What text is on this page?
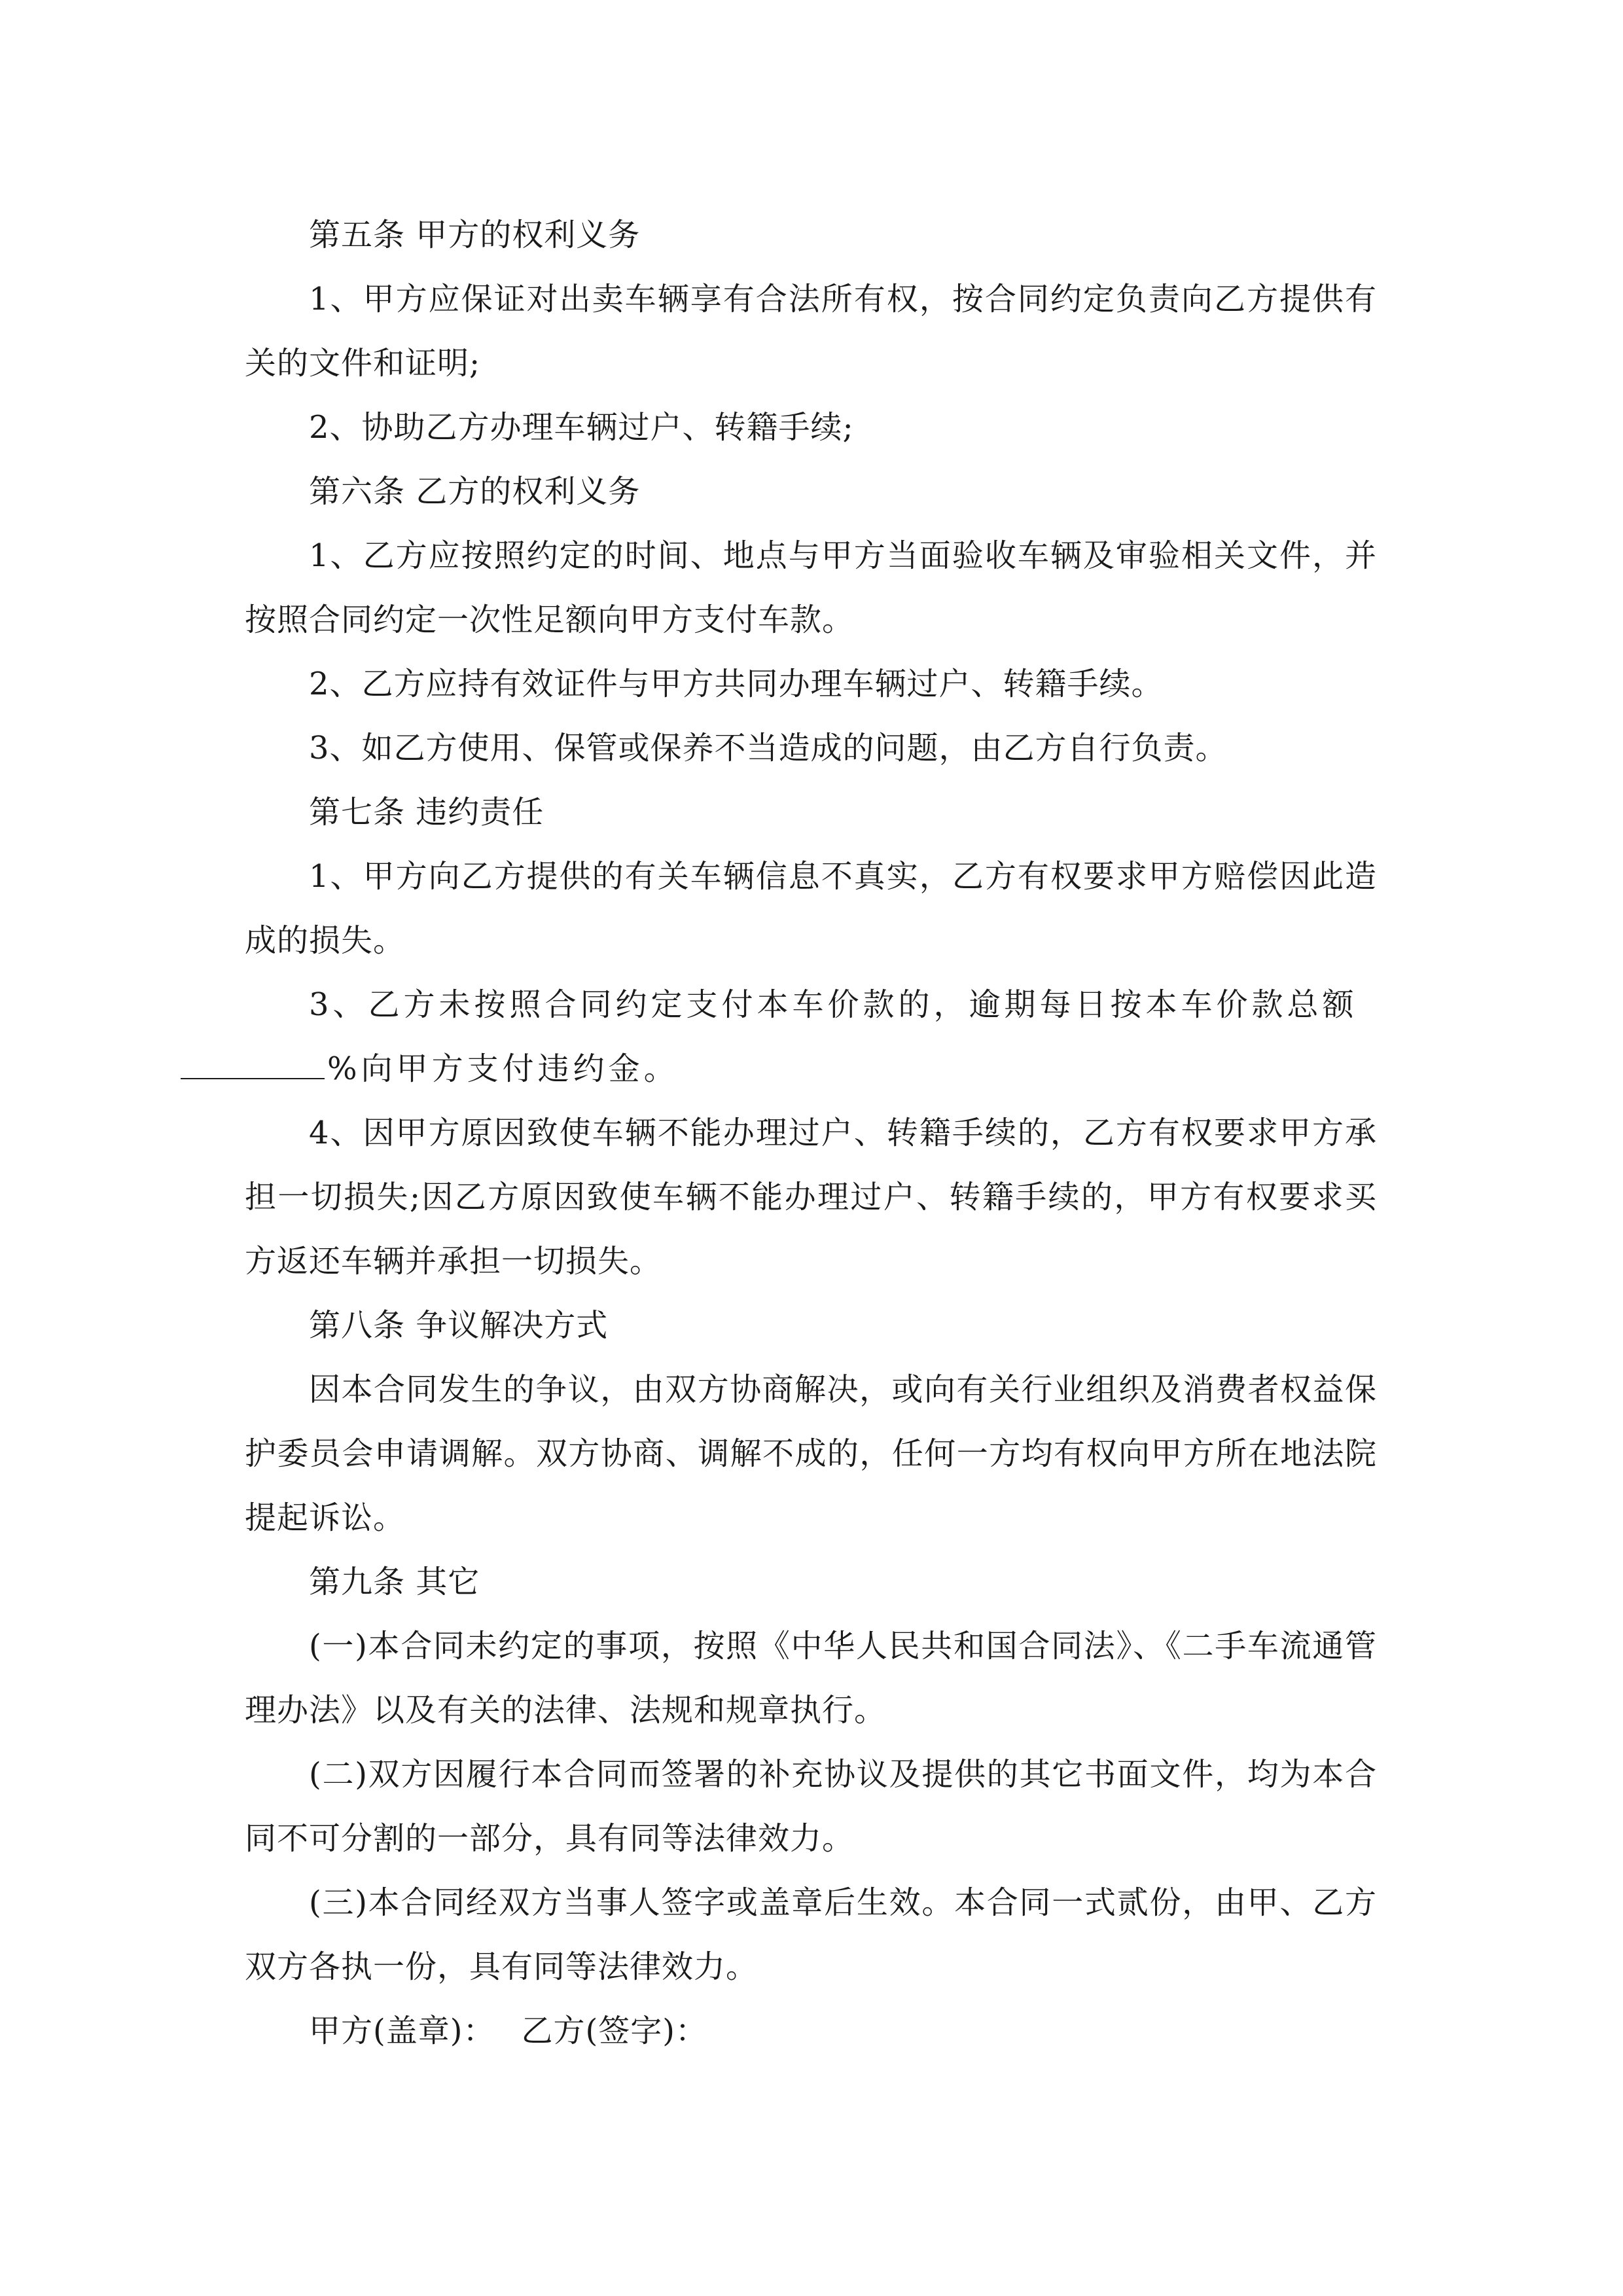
第五条 甲方的权利义务

1、甲方应保证对出卖车辆享有合法所有权，按合同约定负责向乙方提供有关的文件和证明;

2、协助乙方办理车辆过户、转籍手续;

第六条 乙方的权利义务

1、乙方应按照约定的时间、地点与甲方当面验收车辆及审验相关文件，并按照合同约定一次性足额向甲方支付车款。

2、乙方应持有效证件与甲方共同办理车辆过户、转籍手续。

3、如乙方使用、保管或保养不当造成的问题，由乙方自行负责。

第七条 违约责任

1、甲方向乙方提供的有关车辆信息不真实，乙方有权要求甲方赔偿因此造成的损失。

3、乙方未按照合同约定支付本车价款的，逾期每日按本车价款总额
%向甲方支付违约金。

4、因甲方原因致使车辆不能办理过户、转籍手续的，乙方有权要求甲方承担一切损失;因乙方原因致使车辆不能办理过户、转籍手续的，甲方有权要求买方返还车辆并承担一切损失。

第八条 争议解决方式

因本合同发生的争议，由双方协商解决，或向有关行业组织及消费者权益保护委员会申请调解。双方协商、调解不成的，任何一方均有权向甲方所在地法院提起诉讼。

第九条 其它

(一)本合同未约定的事项，按照《中华人民共和国合同法》、《二手车流通管理办法》以及有关的法律、法规和规章执行。

(二)双方因履行本合同而签署的补充协议及提供的其它书面文件，均为本合同不可分割的一部分，具有同等法律效力。

(三)本合同经双方当事人签字或盖章后生效。本合同一式贰份，由甲、乙方双方各执一份，具有同等法律效力。

甲方(盖章)： 乙方(签字)：
